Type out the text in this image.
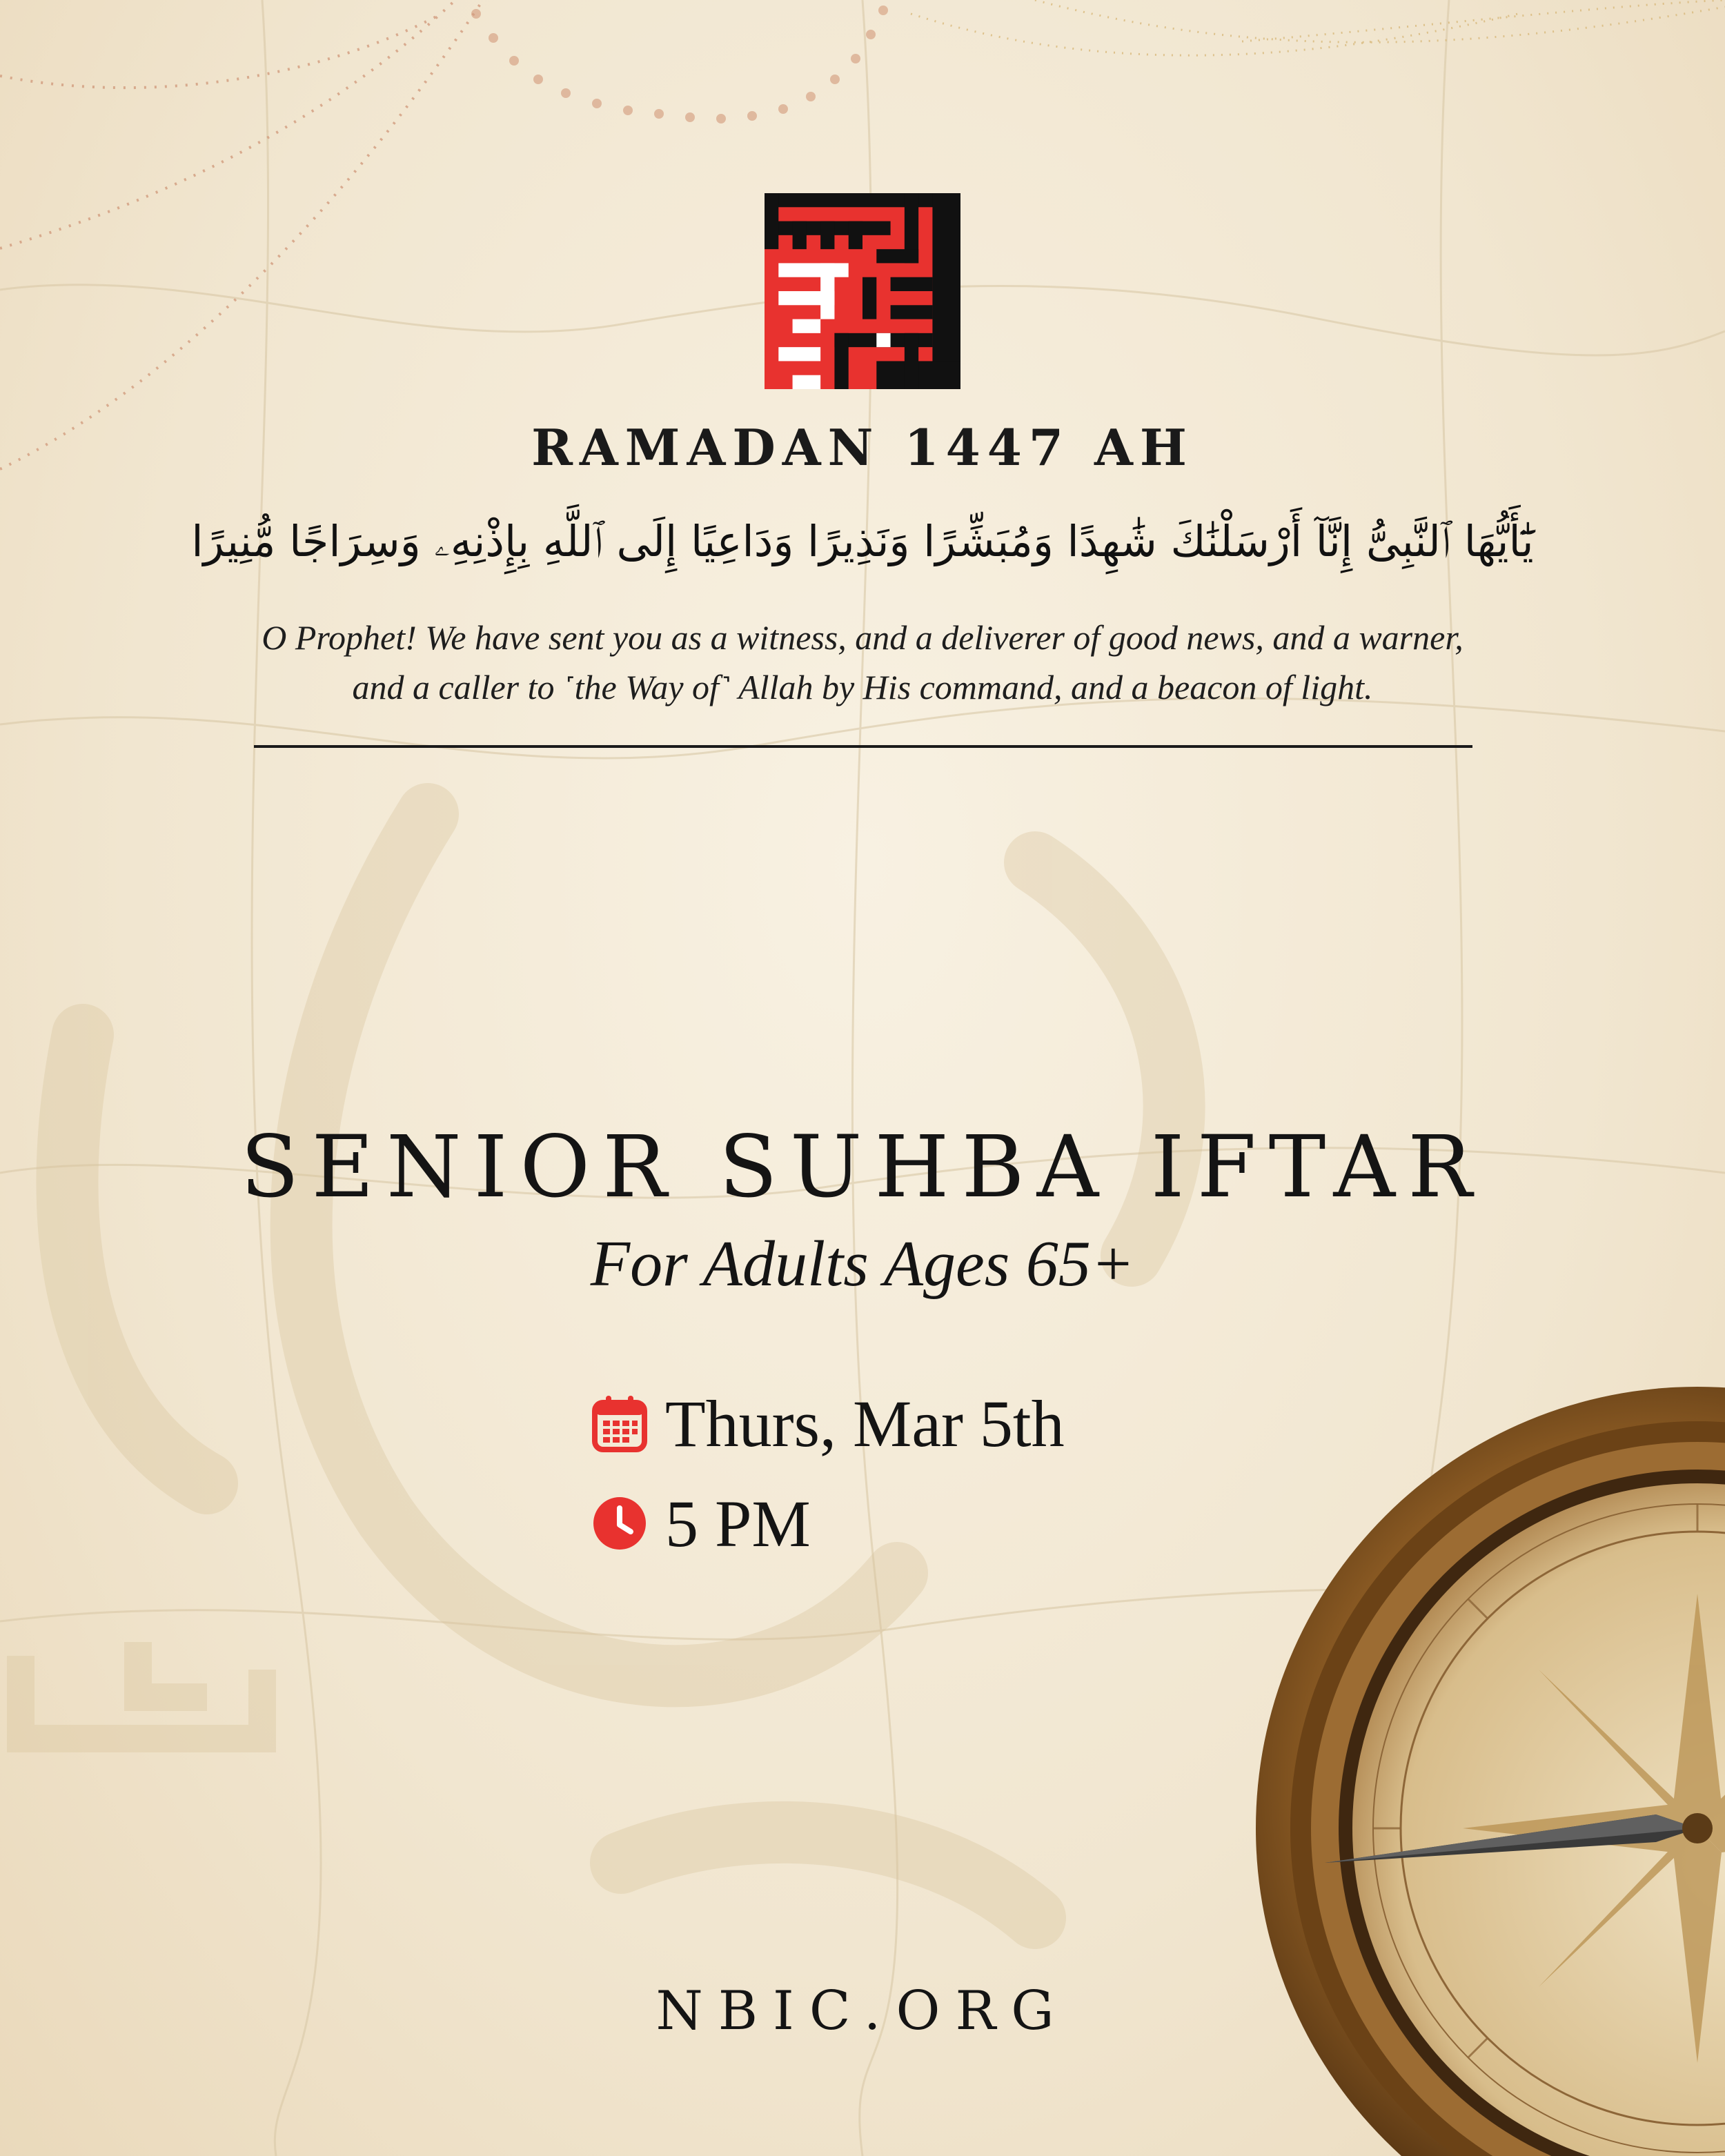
RAMADAN 1447 AH
يَٰٓأَيُّهَا ٱلنَّبِىُّ إِنَّآ أَرْسَلْنَٰكَ شَٰهِدًا وَمُبَشِّرًا وَنَذِيرًا وَدَاعِيًا إِلَى ٱللَّهِ بِإِذْنِهِۦ وَسِرَاجًا مُّنِيرًا
O Prophet! We have sent you as a witness, and a deliverer of good news, and a warner,
and a caller to ˹the Way of˺ Allah by His command, and a beacon of light.
SENIOR SUHBA IFTAR
For Adults Ages 65+
Thurs, Mar 5th
5 PM
NBIC.ORG
